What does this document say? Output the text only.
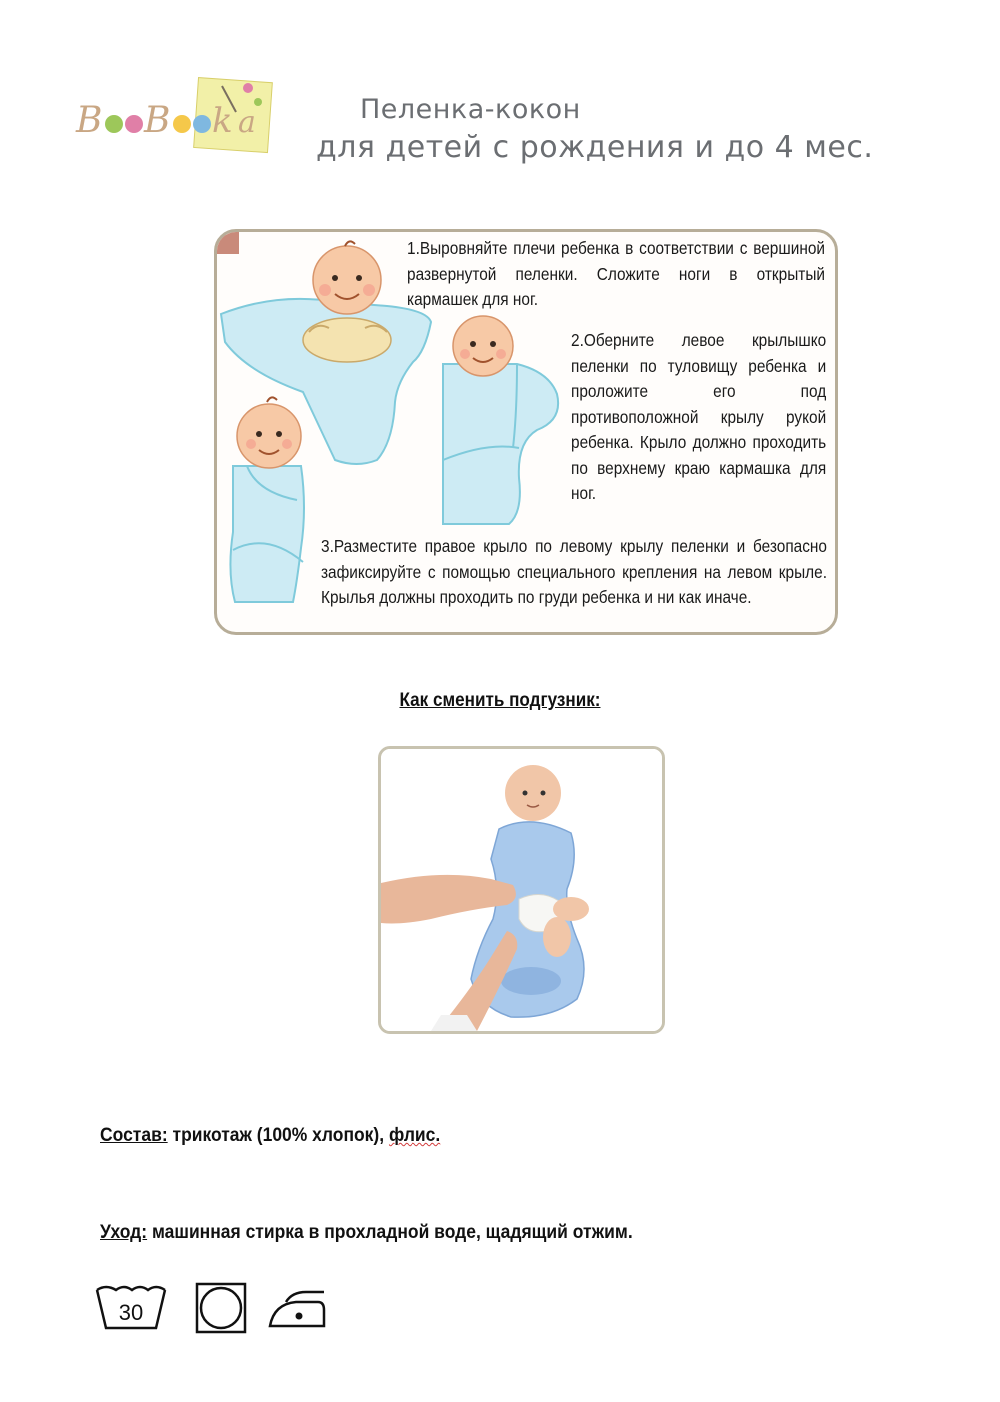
B B k a	Пеленка-кокон
для детей с рождения и до 4 мес.
1.Выровняйте плечи ребенка в соответствии с вершиной развернутой пеленки. Сложите ноги в открытый кармашек для ног.
2.Оберните левое крылышко пеленки по туловищу ребенка и проложите его под противоположной крылу рукой ребенка. Крыло должно проходить по верхнему краю кармашка для ног.
3.Разместите правое крыло по левому крылу пеленки и безопасно зафиксируйте с помощью специального крепления на левом крыле. Крылья должны проходить по груди ребенка и ни как иначе.
Как сменить подгузник:
Состав: трикотаж (100% хлопок), флис.
Уход: машинная стирка в прохладной воде, щадящий отжим.
30
